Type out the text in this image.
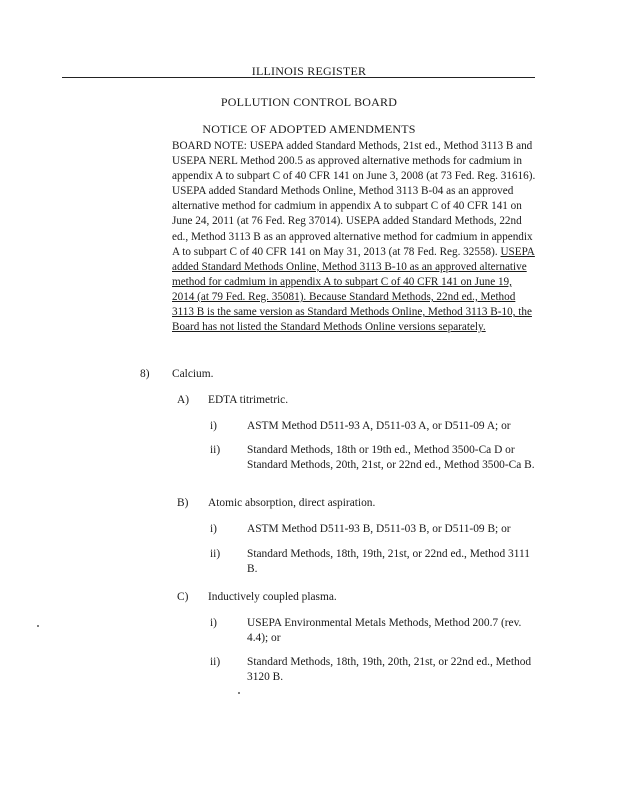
ILLINOIS REGISTER
POLLUTION CONTROL BOARD
NOTICE OF ADOPTED AMENDMENTS
BOARD NOTE: USEPA added Standard Methods, 21st ed., Method 3113 B and USEPA NERL Method 200.5 as approved alternative methods for cadmium in appendix A to subpart C of 40 CFR 141 on June 3, 2008 (at 73 Fed. Reg. 31616). USEPA added Standard Methods Online, Method 3113 B-04 as an approved alternative method for cadmium in appendix A to subpart C of 40 CFR 141 on June 24, 2011 (at 76 Fed. Reg 37014). USEPA added Standard Methods, 22nd ed., Method 3113 B as an approved alternative method for cadmium in appendix A to subpart C of 40 CFR 141 on May 31, 2013 (at 78 Fed. Reg. 32558). USEPA added Standard Methods Online, Method 3113 B-10 as an approved alternative method for cadmium in appendix A to subpart C of 40 CFR 141 on June 19, 2014 (at 79 Fed. Reg. 35081). Because Standard Methods, 22nd ed., Method 3113 B is the same version as Standard Methods Online, Method 3113 B-10, the Board has not listed the Standard Methods Online versions separately.
8) Calcium.
A) EDTA titrimetric.
i)	ASTM Method D511-93 A, D511-03 A, or D511-09 A; or
ii) Standard Methods, 18th or 19th ed., Method 3500-Ca D or Standard Methods, 20th, 21st, or 22nd ed., Method 3500-Ca B.
B) Atomic absorption, direct aspiration.
i)	ASTM Method D511-93 B, D511-03 B, or D511-09 B; or
ii) Standard Methods, 18th, 19th, 21st, or 22nd ed., Method 3111 B.
C) Inductively coupled plasma.
i)	USEPA Environmental Metals Methods, Method 200.7 (rev. 4.4); or
ii) Standard Methods, 18th, 19th, 20th, 21st, or 22nd ed., Method 3120 B.
